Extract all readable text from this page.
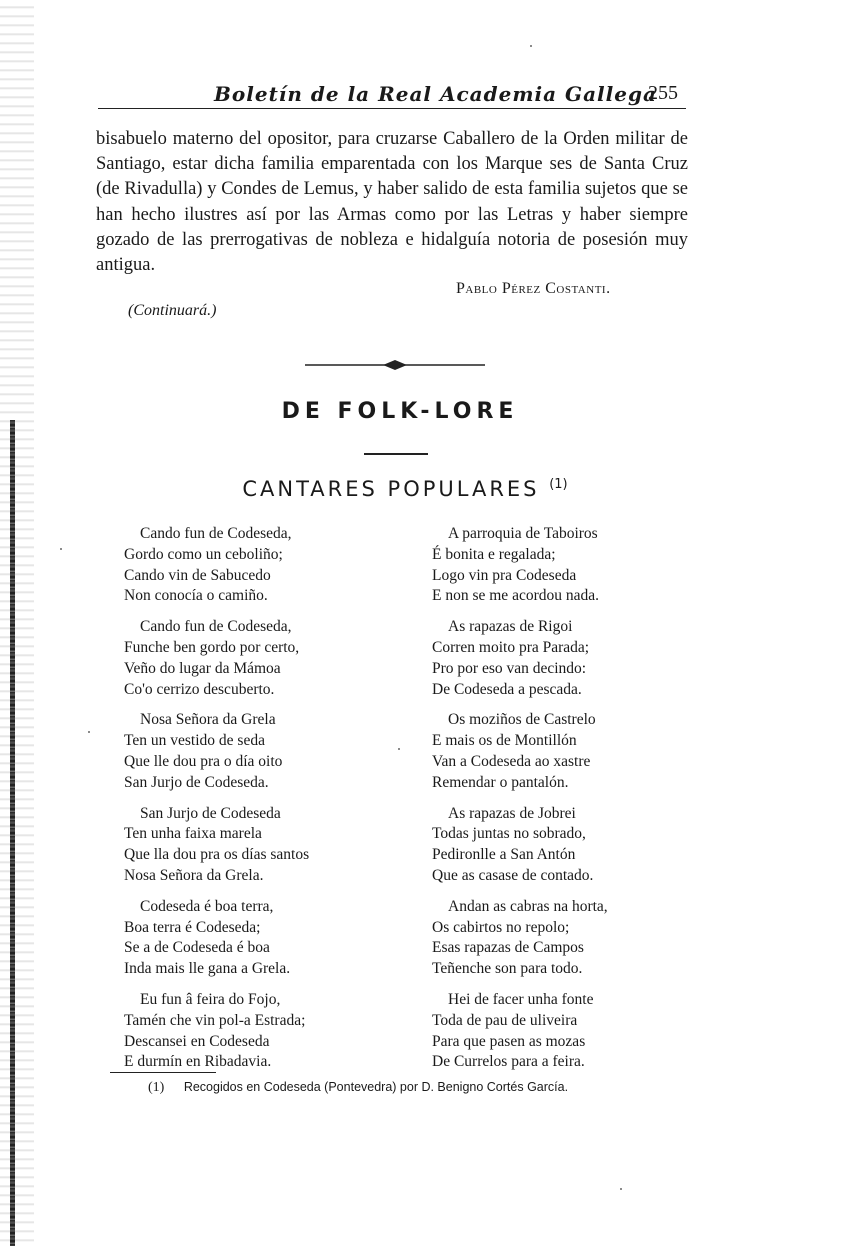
Boletín de la Real Academia Gallega
255
bisabuelo materno del opositor, para cruzarse Caballero de la Orden militar de Santiago, estar dicha familia emparentada con los Marque ses de Santa Cruz (de Rivadulla) y Condes de Lemus, y haber salido de esta familia sujetos que se han hecho ilustres así por las Armas como por las Letras y haber siempre gozado de las prerrogativas de nobleza e hidalguía notoria de posesión muy antigua.
Pablo Pérez Costanti.
(Continuará.)
DE FOLK-LORE
CANTARES POPULARES $^{(1)}$
Cando fun de Codeseda,
Gordo como un ceboliño;
Cando vin de Sabucedo
Non conocía o camiño.
Cando fun de Codeseda,
Funche ben gordo por certo,
Veño do lugar da Mámoa
Co'o cerrizo descuberto.
Nosa Señora da Grela
Ten un vestido de seda
Que lle dou pra o día oito
San Jurjo de Codeseda.
San Jurjo de Codeseda
Ten unha faixa marela
Que lla dou pra os días santos
Nosa Señora da Grela.
Codeseda é boa terra,
Boa terra é Codeseda;
Se a de Codeseda é boa
Inda mais lle gana a Grela.
Eu fun â feira do Fojo,
Tamén che vin pol-a Estrada;
Descansei en Codeseda
E durmín en Ribadavia.
A parroquia de Taboiros
É bonita e regalada;
Logo vin pra Codeseda
E non se me acordou nada.
As rapazas de Rigoi
Corren moito pra Parada;
Pro por eso van decindo:
De Codeseda a pescada.
Os moziños de Castrelo
E mais os de Montillón
Van a Codeseda ao xastre
Remendar o pantalón.
As rapazas de Jobrei
Todas juntas no sobrado,
Pedironlle a San Antón
Que as casase de contado.
Andan as cabras na horta,
Os cabirtos no repolo;
Esas rapazas de Campos
Teñenche son para todo.
Hei de facer unha fonte
Toda de pau de uliveira
Para que pasen as mozas
De Currelos para a feira.
(1) Recogidos en Codeseda (Pontevedra) por D. Benigno Cortés García.
